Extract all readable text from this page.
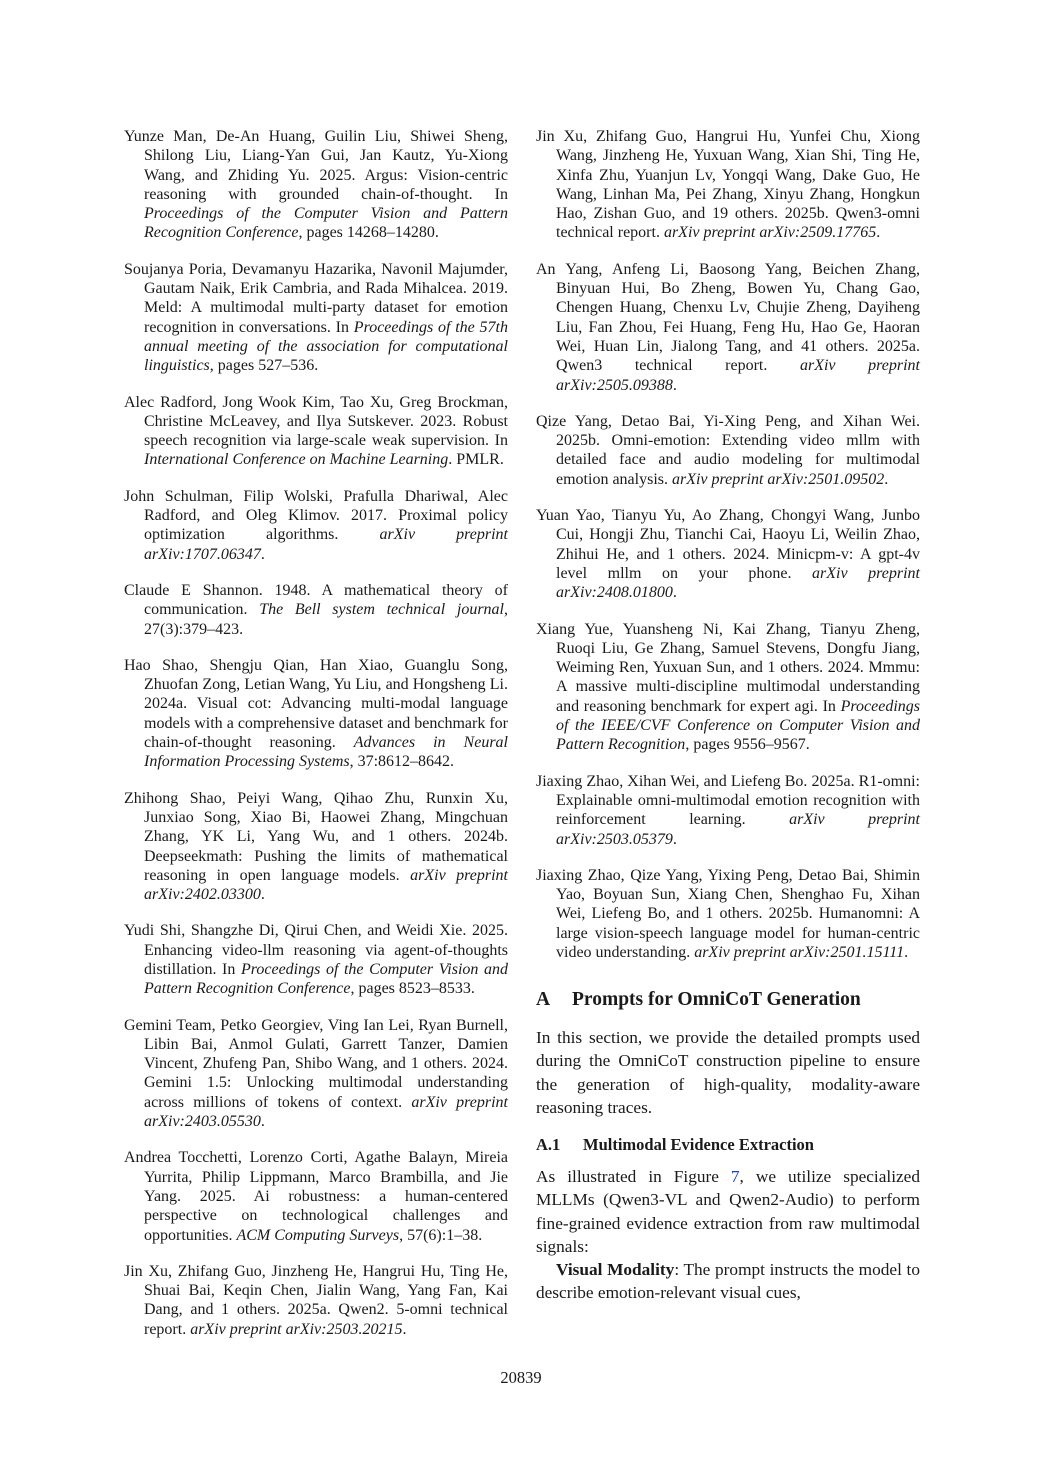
Yunze Man, De-An Huang, Guilin Liu, Shiwei Sheng, Shilong Liu, Liang-Yan Gui, Jan Kautz, Yu-Xiong Wang, and Zhiding Yu. 2025. Argus: Vision-centric reasoning with grounded chain-of-thought. In Proceedings of the Computer Vision and Pattern Recognition Conference, pages 14268–14280.

Soujanya Poria, Devamanyu Hazarika, Navonil Majumder, Gautam Naik, Erik Cambria, and Rada Mihalcea. 2019. Meld: A multimodal multi-party dataset for emotion recognition in conversations. In Proceedings of the 57th annual meeting of the association for computational linguistics, pages 527–536.

Alec Radford, Jong Wook Kim, Tao Xu, Greg Brockman, Christine McLeavey, and Ilya Sutskever. 2023. Robust speech recognition via large-scale weak supervision. In International Conference on Machine Learning. PMLR.

John Schulman, Filip Wolski, Prafulla Dhariwal, Alec Radford, and Oleg Klimov. 2017. Proximal policy optimization algorithms. arXiv preprint arXiv:1707.06347.

Claude E Shannon. 1948. A mathematical theory of communication. The Bell system technical journal, 27(3):379–423.

Hao Shao, Shengju Qian, Han Xiao, Guanglu Song, Zhuofan Zong, Letian Wang, Yu Liu, and Hongsheng Li. 2024a. Visual cot: Advancing multi-modal language models with a comprehensive dataset and benchmark for chain-of-thought reasoning. Advances in Neural Information Processing Systems, 37:8612–8642.

Zhihong Shao, Peiyi Wang, Qihao Zhu, Runxin Xu, Junxiao Song, Xiao Bi, Haowei Zhang, Mingchuan Zhang, YK Li, Yang Wu, and 1 others. 2024b. Deepseekmath: Pushing the limits of mathematical reasoning in open language models. arXiv preprint arXiv:2402.03300.

Yudi Shi, Shangzhe Di, Qirui Chen, and Weidi Xie. 2025. Enhancing video-llm reasoning via agent-of-thoughts distillation. In Proceedings of the Computer Vision and Pattern Recognition Conference, pages 8523–8533.

Gemini Team, Petko Georgiev, Ving Ian Lei, Ryan Burnell, Libin Bai, Anmol Gulati, Garrett Tanzer, Damien Vincent, Zhufeng Pan, Shibo Wang, and 1 others. 2024. Gemini 1.5: Unlocking multimodal understanding across millions of tokens of context. arXiv preprint arXiv:2403.05530.

Andrea Tocchetti, Lorenzo Corti, Agathe Balayn, Mireia Yurrita, Philip Lippmann, Marco Brambilla, and Jie Yang. 2025. Ai robustness: a human-centered perspective on technological challenges and opportunities. ACM Computing Surveys, 57(6):1–38.

Jin Xu, Zhifang Guo, Jinzheng He, Hangrui Hu, Ting He, Shuai Bai, Keqin Chen, Jialin Wang, Yang Fan, Kai Dang, and 1 others. 2025a. Qwen2. 5-omni technical report. arXiv preprint arXiv:2503.20215.

Jin Xu, Zhifang Guo, Hangrui Hu, Yunfei Chu, Xiong Wang, Jinzheng He, Yuxuan Wang, Xian Shi, Ting He, Xinfa Zhu, Yuanjun Lv, Yongqi Wang, Dake Guo, He Wang, Linhan Ma, Pei Zhang, Xinyu Zhang, Hongkun Hao, Zishan Guo, and 19 others. 2025b. Qwen3-omni technical report. arXiv preprint arXiv:2509.17765.

An Yang, Anfeng Li, Baosong Yang, Beichen Zhang, Binyuan Hui, Bo Zheng, Bowen Yu, Chang Gao, Chengen Huang, Chenxu Lv, Chujie Zheng, Dayiheng Liu, Fan Zhou, Fei Huang, Feng Hu, Hao Ge, Haoran Wei, Huan Lin, Jialong Tang, and 41 others. 2025a. Qwen3 technical report. arXiv preprint arXiv:2505.09388.

Qize Yang, Detao Bai, Yi-Xing Peng, and Xihan Wei. 2025b. Omni-emotion: Extending video mllm with detailed face and audio modeling for multimodal emotion analysis. arXiv preprint arXiv:2501.09502.

Yuan Yao, Tianyu Yu, Ao Zhang, Chongyi Wang, Junbo Cui, Hongji Zhu, Tianchi Cai, Haoyu Li, Weilin Zhao, Zhihui He, and 1 others. 2024. Minicpm-v: A gpt-4v level mllm on your phone. arXiv preprint arXiv:2408.01800.

Xiang Yue, Yuansheng Ni, Kai Zhang, Tianyu Zheng, Ruoqi Liu, Ge Zhang, Samuel Stevens, Dongfu Jiang, Weiming Ren, Yuxuan Sun, and 1 others. 2024. Mmmu: A massive multi-discipline multimodal understanding and reasoning benchmark for expert agi. In Proceedings of the IEEE/CVF Conference on Computer Vision and Pattern Recognition, pages 9556–9567.

Jiaxing Zhao, Xihan Wei, and Liefeng Bo. 2025a. R1-omni: Explainable omni-multimodal emotion recognition with reinforcement learning. arXiv preprint arXiv:2503.05379.

Jiaxing Zhao, Qize Yang, Yixing Peng, Detao Bai, Shimin Yao, Boyuan Sun, Xiang Chen, Shenghao Fu, Xihan Wei, Liefeng Bo, and 1 others. 2025b. Humanomni: A large vision-speech language model for human-centric video understanding. arXiv preprint arXiv:2501.15111.

A Prompts for OmniCoT Generation

In this section, we provide the detailed prompts used during the OmniCoT construction pipeline to ensure the generation of high-quality, modality-aware reasoning traces.

A.1 Multimodal Evidence Extraction

As illustrated in Figure 7, we utilize specialized MLLMs (Qwen3-VL and Qwen2-Audio) to perform fine-grained evidence extraction from raw multimodal signals:

Visual Modality: The prompt instructs the model to describe emotion-relevant visual cues,

20839
